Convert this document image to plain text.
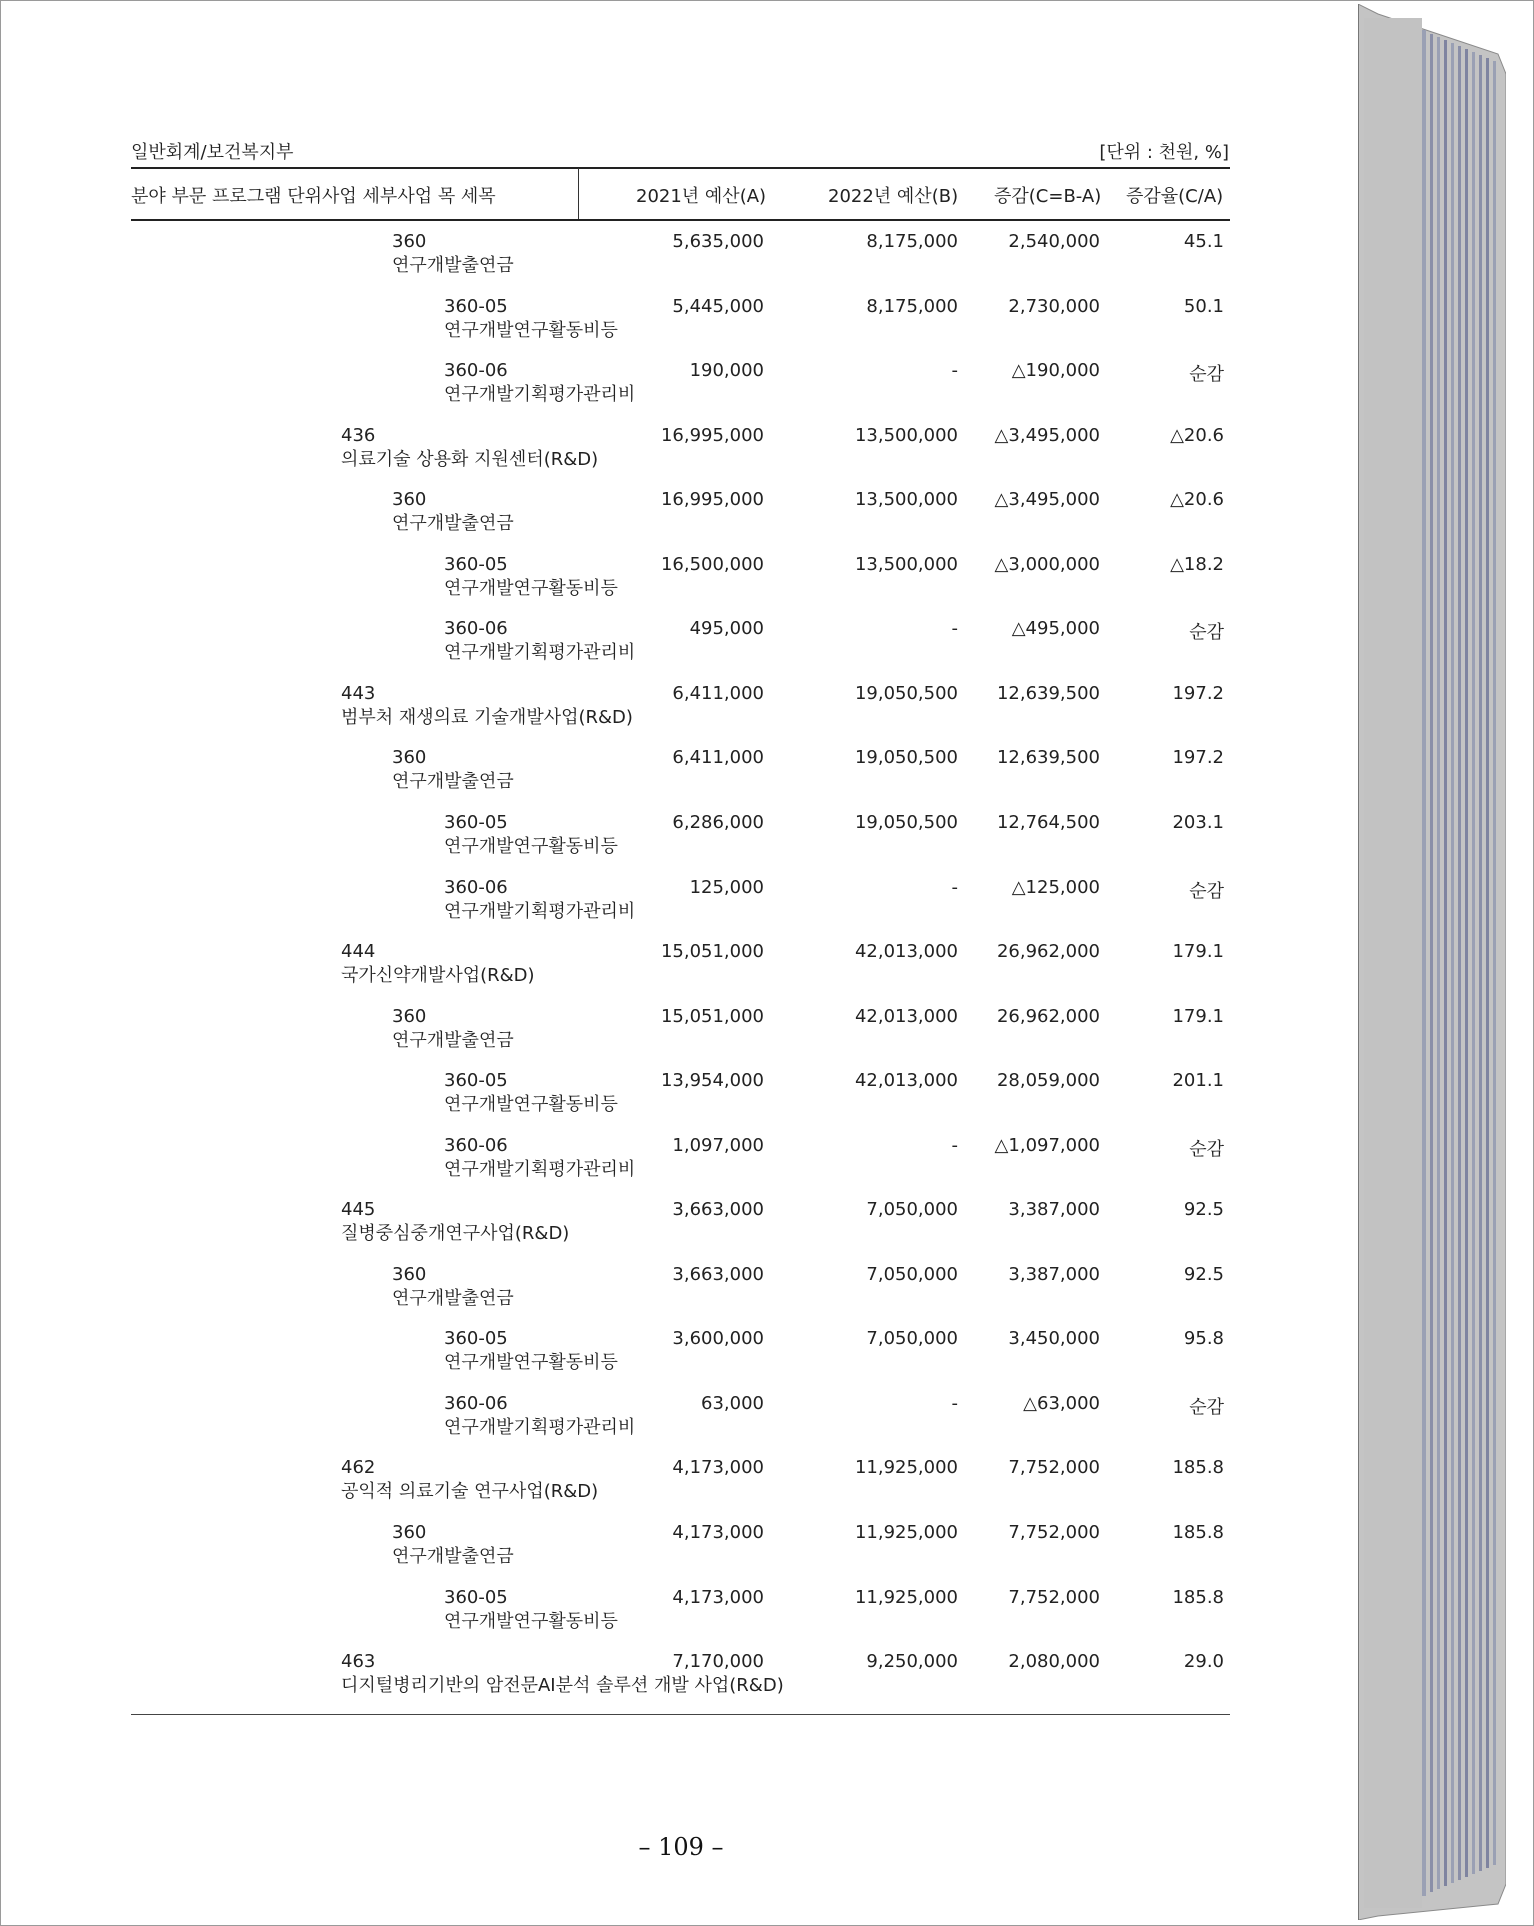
일반회계/보건복지부	[단위 : 천원, %]
분야 부문 프로그램 단위사업 세부사업 목 세목	2021년 예산(A)	2022년 예산(B) 증감(C=B-A) 증감율(C/A)
360
연구개발출연금
5,635,000	8,175,000	2,540,000	45.1
360-05
연구개발연구활동비등
5,445,000	8,175,000	2,730,000	50.1
360-06
연구개발기획평가관리비
190,000	-	△190,000	순감
436
의료기술 상용화 지원센터(R&D)
16,995,000	13,500,000	△3,495,000	△20.6
360
연구개발출연금
16,995,000	13,500,000	△3,495,000	△20.6
360-05
연구개발연구활동비등
16,500,000	13,500,000	△3,000,000	△18.2
360-06
연구개발기획평가관리비
495,000	-	△495,000	순감
443
범부처 재생의료 기술개발사업(R&D)
6,411,000	19,050,500	12,639,500	197.2
360
연구개발출연금
6,411,000	19,050,500	12,639,500	197.2
360-05
연구개발연구활동비등
6,286,000	19,050,500	12,764,500	203.1
360-06
연구개발기획평가관리비
125,000	-	△125,000	순감
444
국가신약개발사업(R&D)
15,051,000	42,013,000	26,962,000	179.1
360
연구개발출연금
15,051,000	42,013,000	26,962,000	179.1
360-05
연구개발연구활동비등
13,954,000	42,013,000	28,059,000	201.1
360-06
연구개발기획평가관리비
1,097,000	-	△1,097,000	순감
445
질병중심중개연구사업(R&D)
3,663,000	7,050,000	3,387,000	92.5
360
연구개발출연금
3,663,000	7,050,000	3,387,000	92.5
360-05
연구개발연구활동비등
3,600,000	7,050,000	3,450,000	95.8
360-06
연구개발기획평가관리비
63,000	-	△63,000	순감
462
공익적 의료기술 연구사업(R&D)
4,173,000	11,925,000	7,752,000	185.8
360
연구개발출연금
4,173,000	11,925,000	7,752,000	185.8
360-05
연구개발연구활동비등
4,173,000	11,925,000	7,752,000	185.8
463
디지털병리기반의 암전문AI분석 솔루션 개발 사업(R&D)
7,170,000	9,250,000	2,080,000	29.0
– 109 –
